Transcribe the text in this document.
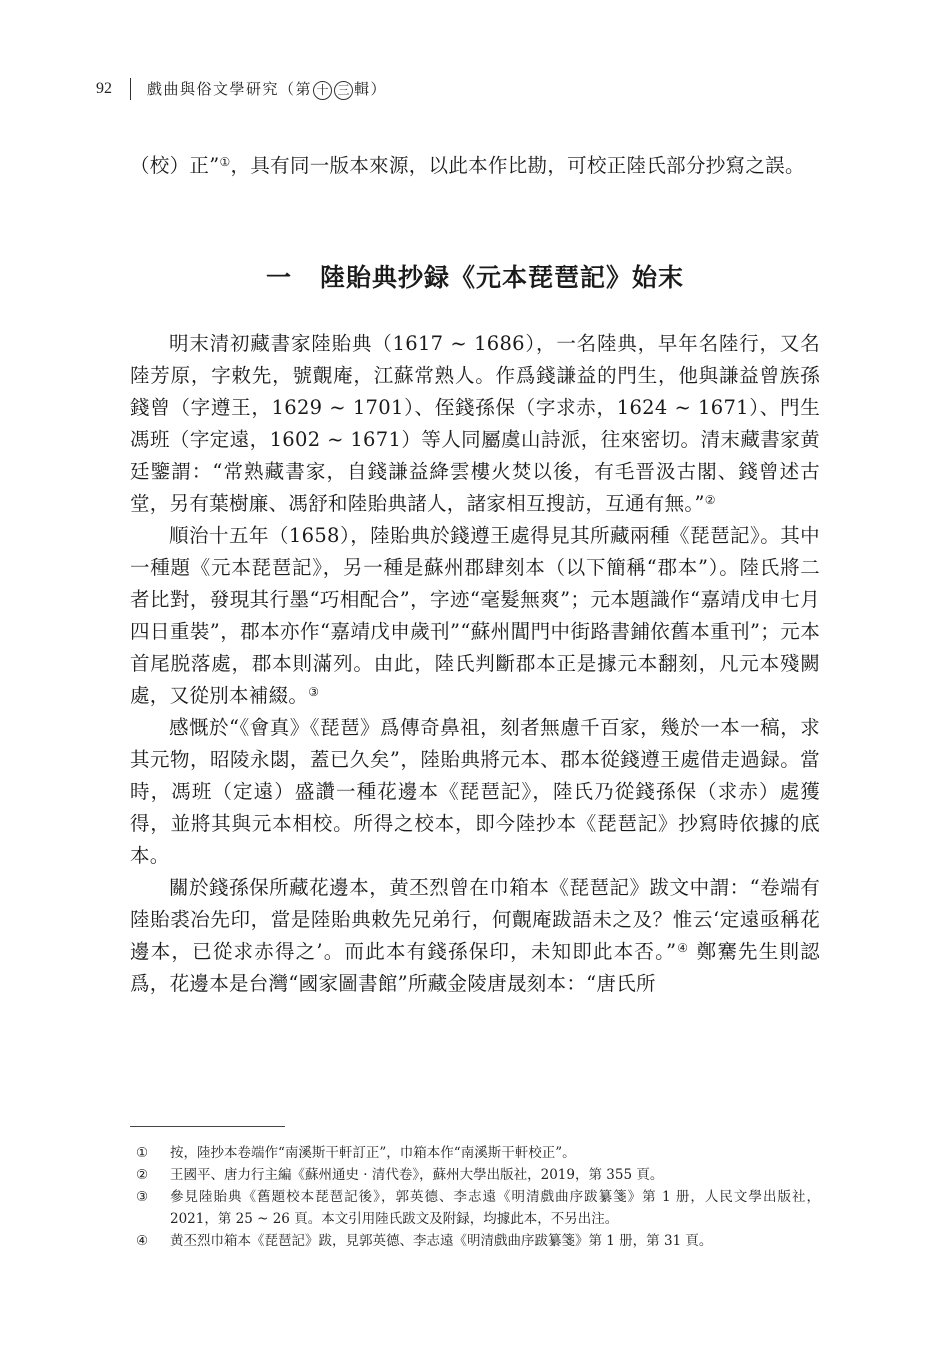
92 戲曲與俗文學研究（第 十 三 輯）

（校）正”①，具有同一版本來源，以此本作比勘，可校正陸氏部分抄寫之誤。

一 陸貽典抄録《元本琵琶記》始末

明末清初藏書家陸貽典（1617 ~ 1686），一名陸典，早年名陸行，又名陸芳原，字敕先，號覿庵，江蘇常熟人。作爲錢謙益的門生，他與謙益曾族孫錢曾（字遵王，1629 ~ 1701）、侄錢孫保（字求赤，1624 ~ 1671）、門生馮班（字定遠，1602 ~ 1671）等人同屬虞山詩派，往來密切。清末藏書家黄廷鑒謂：“常熟藏書家，自錢謙益絳雲樓火焚以後，有毛晋汲古閣、錢曾述古堂，另有葉樹廉、馮舒和陸貽典諸人，諸家相互搜訪，互通有無。”②

順治十五年（1658），陸貽典於錢遵王處得見其所藏兩種《琵琶記》。其中一種題《元本琵琶記》，另一種是蘇州郡肆刻本（以下簡稱“郡本”）。陸氏將二者比對，發現其行墨“巧相配合”，字迹“毫髮無爽”；元本題識作“嘉靖戊申七月四日重裝”，郡本亦作“嘉靖戊申歲刊”“蘇州閶門中街路書鋪依舊本重刊”；元本首尾脱落處，郡本則滿列。由此，陸氏判斷郡本正是據元本翻刻，凡元本殘闕處，又從別本補綴。③

感慨於“《會真》《琵琶》爲傳奇鼻祖，刻者無慮千百家，幾於一本一稿，求其元物，昭陵永閟，蓋已久矣”，陸貽典將元本、郡本從錢遵王處借走過録。當時，馮班（定遠）盛讚一種花邊本《琵琶記》，陸氏乃從錢孫保（求赤）處獲得，並將其與元本相校。所得之校本，即今陸抄本《琵琶記》抄寫時依據的底本。

關於錢孫保所藏花邊本，黄丕烈曾在巾箱本《琵琶記》跋文中謂：“卷端有陸貽裘冶先印，當是陸貽典敕先兄弟行，何覿庵跋語未之及？惟云‘定遠亟稱花邊本，已從求赤得之’。而此本有錢孫保印，未知即此本否。”④ 鄭騫先生則認爲，花邊本是台灣“國家圖書館”所藏金陵唐晟刻本：“唐氏所

①	按，陸抄本卷端作“南溪斯干軒訂正”，巾箱本作“南溪斯干軒校正”。
②	王國平、唐力行主編《蘇州通史 · 清代卷》，蘇州大學出版社，2019，第 355 頁。
③	參見陸貽典《舊題校本琵琶記後》，郭英德、李志遠《明清戲曲序跋纂箋》第 1 册，人民文學出版社，2021，第 25 ~ 26 頁。本文引用陸氏跋文及附録，均據此本，不另出注。
④	黄丕烈巾箱本《琵琶記》跋，見郭英德、李志遠《明清戲曲序跋纂箋》第 1 册，第 31 頁。
